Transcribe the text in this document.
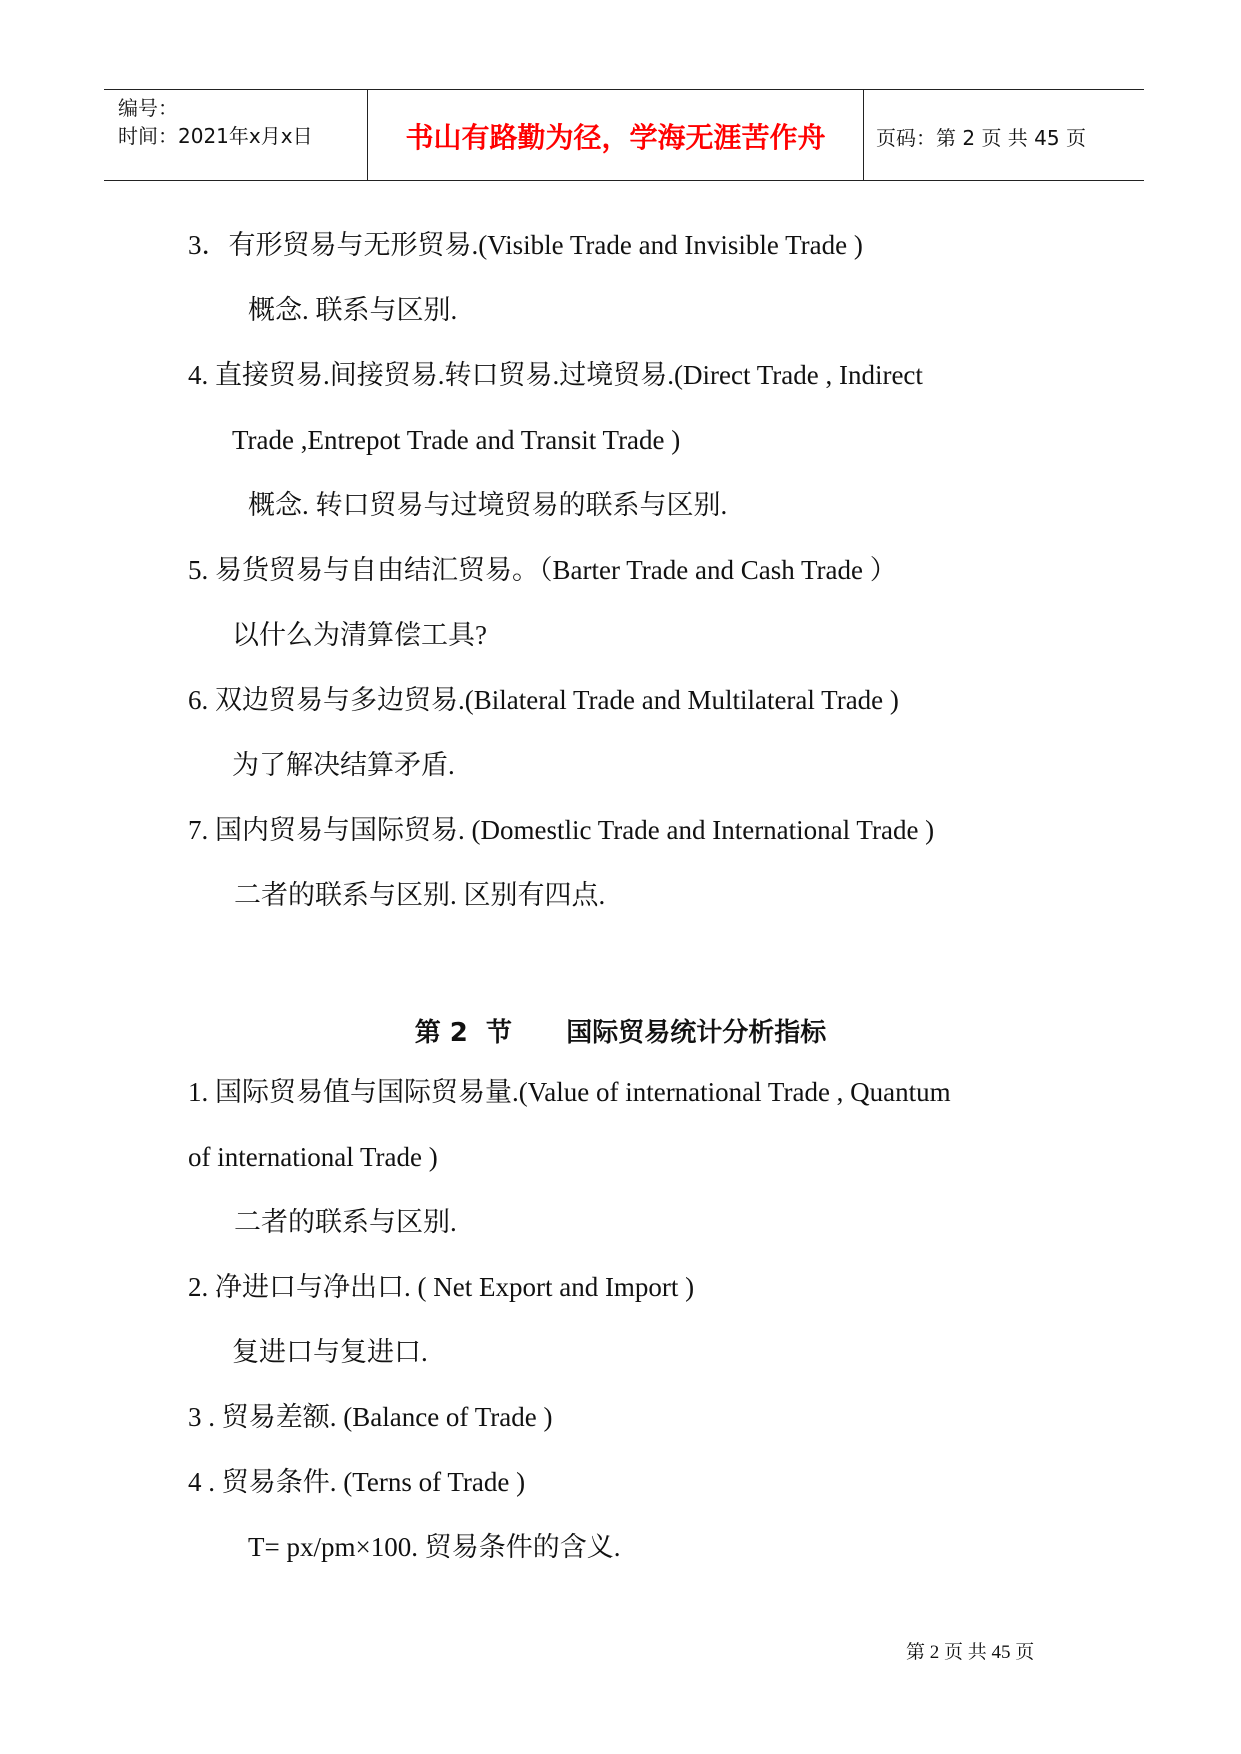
编号：
时间：2021年x月x日	书山有路勤为径，学海无涯苦作舟	页码：第 2 页 共 45 页
3．有形贸易与无形贸易.(Visible Trade and Invisible Trade )
概念. 联系与区别.
4. 直接贸易.间接贸易.转口贸易.过境贸易.(Direct Trade , Indirect
Trade ,Entrepot Trade and Transit Trade )
概念. 转口贸易与过境贸易的联系与区别.
5. 易货贸易与自由结汇贸易。（Barter Trade and Cash Trade ）
以什么为清算偿工具?
6. 双边贸易与多边贸易.(Bilateral Trade and Multilateral Trade )
为了解决结算矛盾.
7. 国内贸易与国际贸易. (Domestlic Trade and International Trade )
二者的联系与区别. 区别有四点.
第 2  节      国际贸易统计分析指标
1. 国际贸易值与国际贸易量.(Value of international Trade , Quantum
of international Trade )
二者的联系与区别.
2. 净进口与净出口. ( Net Export and Import )
复进口与复进口.
3 . 贸易差额. (Balance of Trade )
4 . 贸易条件. (Terns of Trade )
T= px/pm×100. 贸易条件的含义.
第 2 页 共 45 页
